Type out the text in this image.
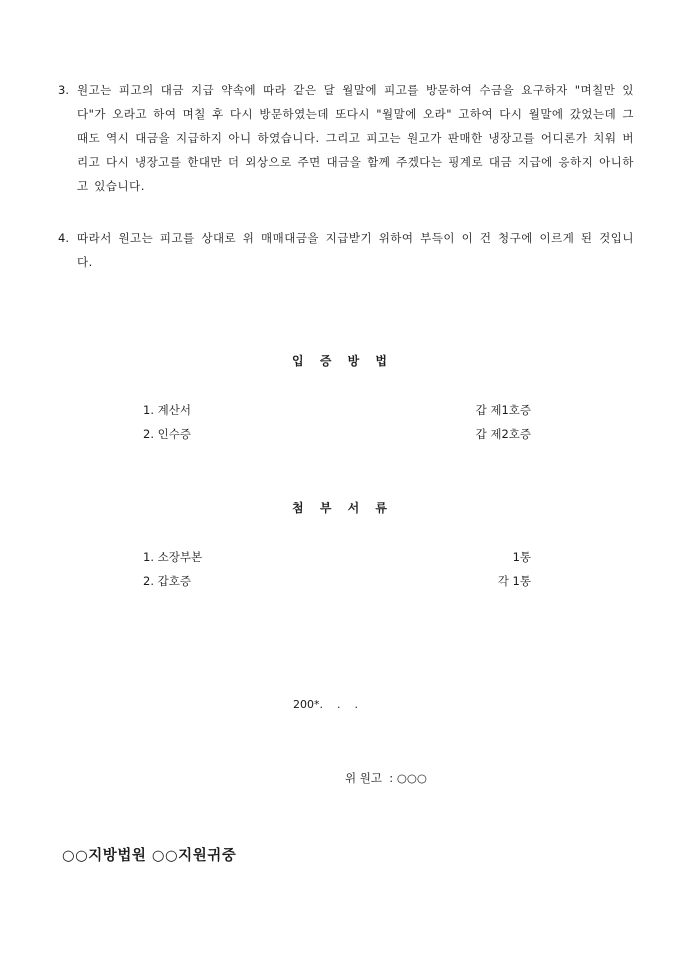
3. 원고는 피고의 대금 지급 약속에 따라 같은 달 월말에 피고를 방문하여 수금을 요구하자 "며칠만 있다"가 오라고 하여 며칠 후 다시 방문하였는데 또다시 "월말에 오라" 고하여 다시 월말에 갔었는데 그 때도 역시 대금을 지급하지 아니 하였습니다. 그리고 피고는 원고가 판매한 냉장고를 어디론가 치워 버리고 다시 냉장고를 한대만 더 외상으로 주면 대금을 함께 주겠다는 핑계로 대금 지급에 응하지 아니하고 있습니다.
4. 따라서 원고는 피고를 상대로 위 매매대금을 지급받기 위하여 부득이 이 건 청구에 이르게 된 것입니다.
입 증 방 법
1. 계산서	갑 제1호증
2. 인수증	갑 제2호증
첨 부 서 류
1. 소장부본	1통
2. 갑호증	각 1통
200*.    .    .
위 원고  : ○○○
○○지방법원 ○○지원귀중
